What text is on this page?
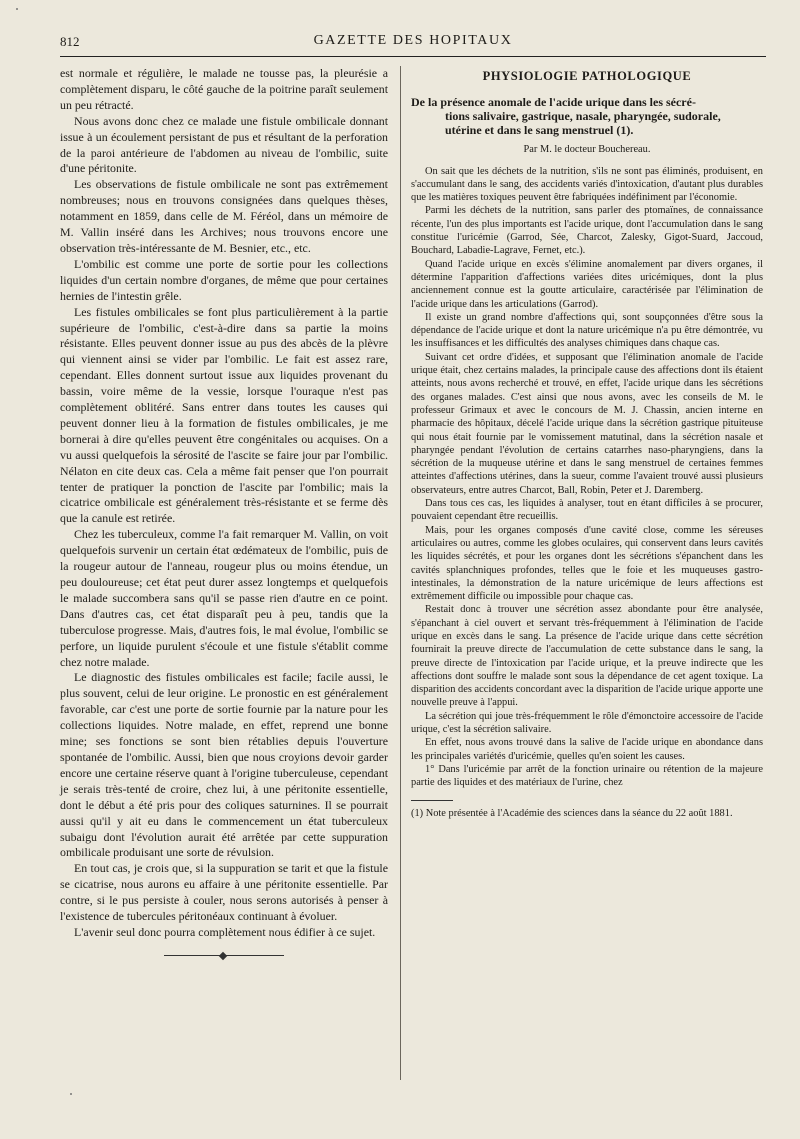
812	GAZETTE DES HOPITAUX

est normale et régulière, le malade ne tousse pas, la pleurésie a complètement disparu, le côté gauche de la poitrine paraît seulement un peu rétracté.

Nous avons donc chez ce malade une fistule ombilicale donnant issue à un écoulement persistant de pus et résultant de la perforation de la paroi antérieure de l'abdomen au niveau de l'ombilic, suite d'une péritonite.

Les observations de fistule ombilicale ne sont pas extrêmement nombreuses; nous en trouvons consignées dans quelques thèses, notamment en 1859, dans celle de M. Féréol, dans un mémoire de M. Vallin inséré dans les Archives; nous trouvons encore une observation très-intéressante de M. Besnier, etc., etc.

L'ombilic est comme une porte de sortie pour les collections liquides d'un certain nombre d'organes, de même que pour certaines hernies de l'intestin grêle.

Les fistules ombilicales se font plus particulièrement à la partie supérieure de l'ombilic, c'est-à-dire dans sa partie la moins résistante. Elles peuvent donner issue au pus des abcès de la plèvre qui viennent ainsi se vider par l'ombilic. Le fait est assez rare, cependant. Elles donnent surtout issue aux liquides provenant du bassin, voire même de la vessie, lorsque l'ouraque n'est pas complètement oblitéré. Sans entrer dans toutes les causes qui peuvent donner lieu à la formation de fistules ombilicales, je me bornerai à dire qu'elles peuvent être congénitales ou acquises. On a vu aussi quelquefois la sérosité de l'ascite se faire jour par l'ombilic. Nélaton en cite deux cas. Cela a même fait penser que l'on pourrait tenter de pratiquer la ponction de l'ascite par l'ombilic; mais la cicatrice ombilicale est généralement très-résistante et se ferme dès que la canule est retirée.

Chez les tuberculeux, comme l'a fait remarquer M. Vallin, on voit quelquefois survenir un certain état œdémateux de l'ombilic, puis de la rougeur autour de l'anneau, rougeur plus ou moins étendue, un peu douloureuse; cet état peut durer assez longtemps et quelquefois le malade succombera sans qu'il se passe rien d'autre en ce point. Dans d'autres cas, cet état disparaît peu à peu, tandis que la tuberculose progresse. Mais, d'autres fois, le mal évolue, l'ombilic se perfore, un liquide purulent s'écoule et une fistule s'établit comme chez notre malade.

Le diagnostic des fistules ombilicales est facile; facile aussi, le plus souvent, celui de leur origine. Le pronostic en est généralement favorable, car c'est une porte de sortie fournie par la nature pour les collections liquides. Notre malade, en effet, reprend une bonne mine; ses fonctions se sont bien rétablies depuis l'ouverture spontanée de l'ombilic. Aussi, bien que nous croyions devoir garder encore une certaine réserve quant à l'origine tuberculeuse, cependant je serais très-tenté de croire, chez lui, à une péritonite essentielle, dont le début a été pris pour des coliques saturnines. Il se pourrait aussi qu'il y ait eu dans le commencement un état tuberculeux subaigu dont l'évolution aurait été arrêtée par cette suppuration ombilicale produisant une sorte de révulsion.

En tout cas, je crois que, si la suppuration se tarit et que la fistule se cicatrise, nous aurons eu affaire à une péritonite essentielle. Par contre, si le pus persiste à couler, nous serons autorisés à penser à l'existence de tubercules péritonéaux continuant à évoluer.

L'avenir seul donc pourra complètement nous édifier à ce sujet.

PHYSIOLOGIE PATHOLOGIQUE
De la présence anomale de l'acide urique dans les sécré-
tions salivaire, gastrique, nasale, pharyngée, sudorale,
utérine et dans le sang menstruel (1).
Par M. le docteur Bouchereau.

On sait que les déchets de la nutrition, s'ils ne sont pas éliminés, produisent, en s'accumulant dans le sang, des accidents variés d'intoxication, d'autant plus durables que les matières toxiques peuvent être fabriquées indéfiniment par l'économie.

Parmi les déchets de la nutrition, sans parler des ptomaïnes, de connaissance récente, l'un des plus importants est l'acide urique, dont l'accumulation dans le sang constitue l'uricémie (Garrod, Sée, Charcot, Zalesky, Gigot-Suard, Jaccoud, Bouchard, Labadie-Lagrave, Fernet, etc.).

Quand l'acide urique en excès s'élimine anomalement par divers organes, il détermine l'apparition d'affections variées dites uricémiques, dont la plus anciennement connue est la goutte articulaire, caractérisée par l'élimination de l'acide urique dans les articulations (Garrod).

Il existe un grand nombre d'affections qui, sont soupçonnées d'être sous la dépendance de l'acide urique et dont la nature uricémique n'a pu être démontrée, vu les insuffisances et les difficultés des analyses chimiques dans chaque cas.

Suivant cet ordre d'idées, et supposant que l'élimination anomale de l'acide urique était, chez certains malades, la principale cause des affections dont ils étaient atteints, nous avons recherché et trouvé, en effet, l'acide urique dans les sécrétions des organes malades. C'est ainsi que nous avons, avec les conseils de M. le professeur Grimaux et avec le concours de M. J. Chassin, ancien interne en pharmacie des hôpitaux, décelé l'acide urique dans la sécrétion gastrique pituiteuse qui nous était fournie par le vomissement matutinal, dans la sécrétion nasale et pharyngée pendant l'évolution de certains catarrhes naso-pharyngiens, dans la sécrétion de la muqueuse utérine et dans le sang menstruel de certaines femmes atteintes d'affections utérines, dans la sueur, comme l'avaient trouvé aussi plusieurs observateurs, entre autres Charcot, Ball, Robin, Peter et J. Daremberg.

Dans tous ces cas, les liquides à analyser, tout en étant difficiles à se procurer, pouvaient cependant être recueillis.

Mais, pour les organes composés d'une cavité close, comme les séreuses articulaires ou autres, comme les globes oculaires, qui conservent dans leurs cavités les liquides sécrétés, et pour les organes dont les sécrétions s'épanchent dans les cavités splanchniques profondes, telles que le foie et les muqueuses gastro-intestinales, la démonstration de la nature uricémique de leurs affections est extrêmement difficile ou impossible pour chaque cas.

Restait donc à trouver une sécrétion assez abondante pour être analysée, s'épanchant à ciel ouvert et servant très-fréquemment à l'élimination de l'acide urique en excès dans le sang. La présence de l'acide urique dans cette sécrétion fournirait la preuve directe de l'accumulation de cette substance dans le sang, la preuve directe de l'intoxication par l'acide urique, et la preuve indirecte que les affections dont souffre le malade sont sous la dépendance de cet agent toxique. La disparition des accidents concordant avec la disparition de l'acide urique apporte une nouvelle preuve à l'appui.

La sécrétion qui joue très-fréquemment le rôle d'émonctoire accessoire de l'acide urique, c'est la sécrétion salivaire.

En effet, nous avons trouvé dans la salive de l'acide urique en abondance dans les principales variétés d'uricémie, quelles qu'en soient les causes.

1° Dans l'uricémie par arrêt de la fonction urinaire ou rétention de la majeure partie des liquides et des matériaux de l'urine, chez

(1) Note présentée à l'Académie des sciences dans la séance du 22 août 1881.
